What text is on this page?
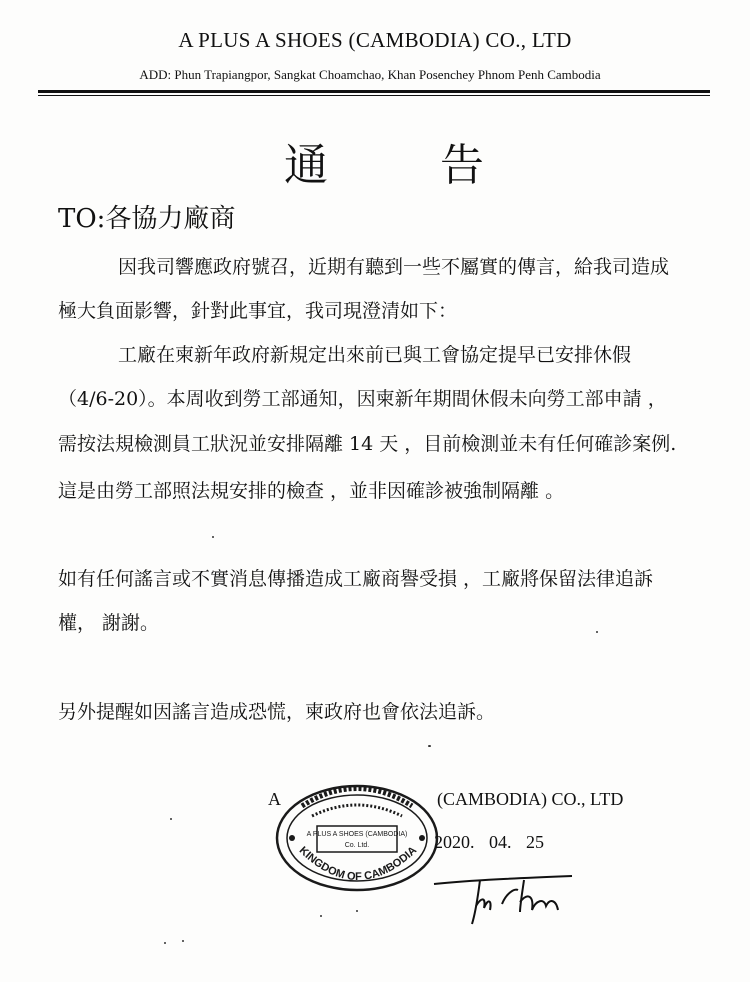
A PLUS A SHOES (CAMBODIA) CO., LTD
ADD: Phun Trapiangpor, Sangkat Choamchao, Khan Posenchey Phnom Penh Cambodia
通	告
TO:各協力廠商
因我司響應政府號召，近期有聽到一些不屬實的傳言，給我司造成
極大負面影響，針對此事宜，我司現澄清如下：
工廠在柬新年政府新規定出來前已與工會協定提早已安排休假
（4/6-20）。本周收到勞工部通知，因柬新年期間休假未向勞工部申請 ，
需按法規檢測員工狀況並安排隔離 14 天 ，目前檢測並未有任何確診案例.
這是由勞工部照法規安排的檢查 ，並非因確診被強制隔離 。
如有任何謠言或不實消息傳播造成工廠商譽受損 ，工廠將保留法律追訴
權， 謝謝。
另外提醒如因謠言造成恐慌，柬政府也會依法追訴。
A	(CAMBODIA) CO., LTD
A PLUS A SHOES (CAMBODIA)
Co. Ltd.
KINGDOM OF CAMBODIA 2020. 04. 25
